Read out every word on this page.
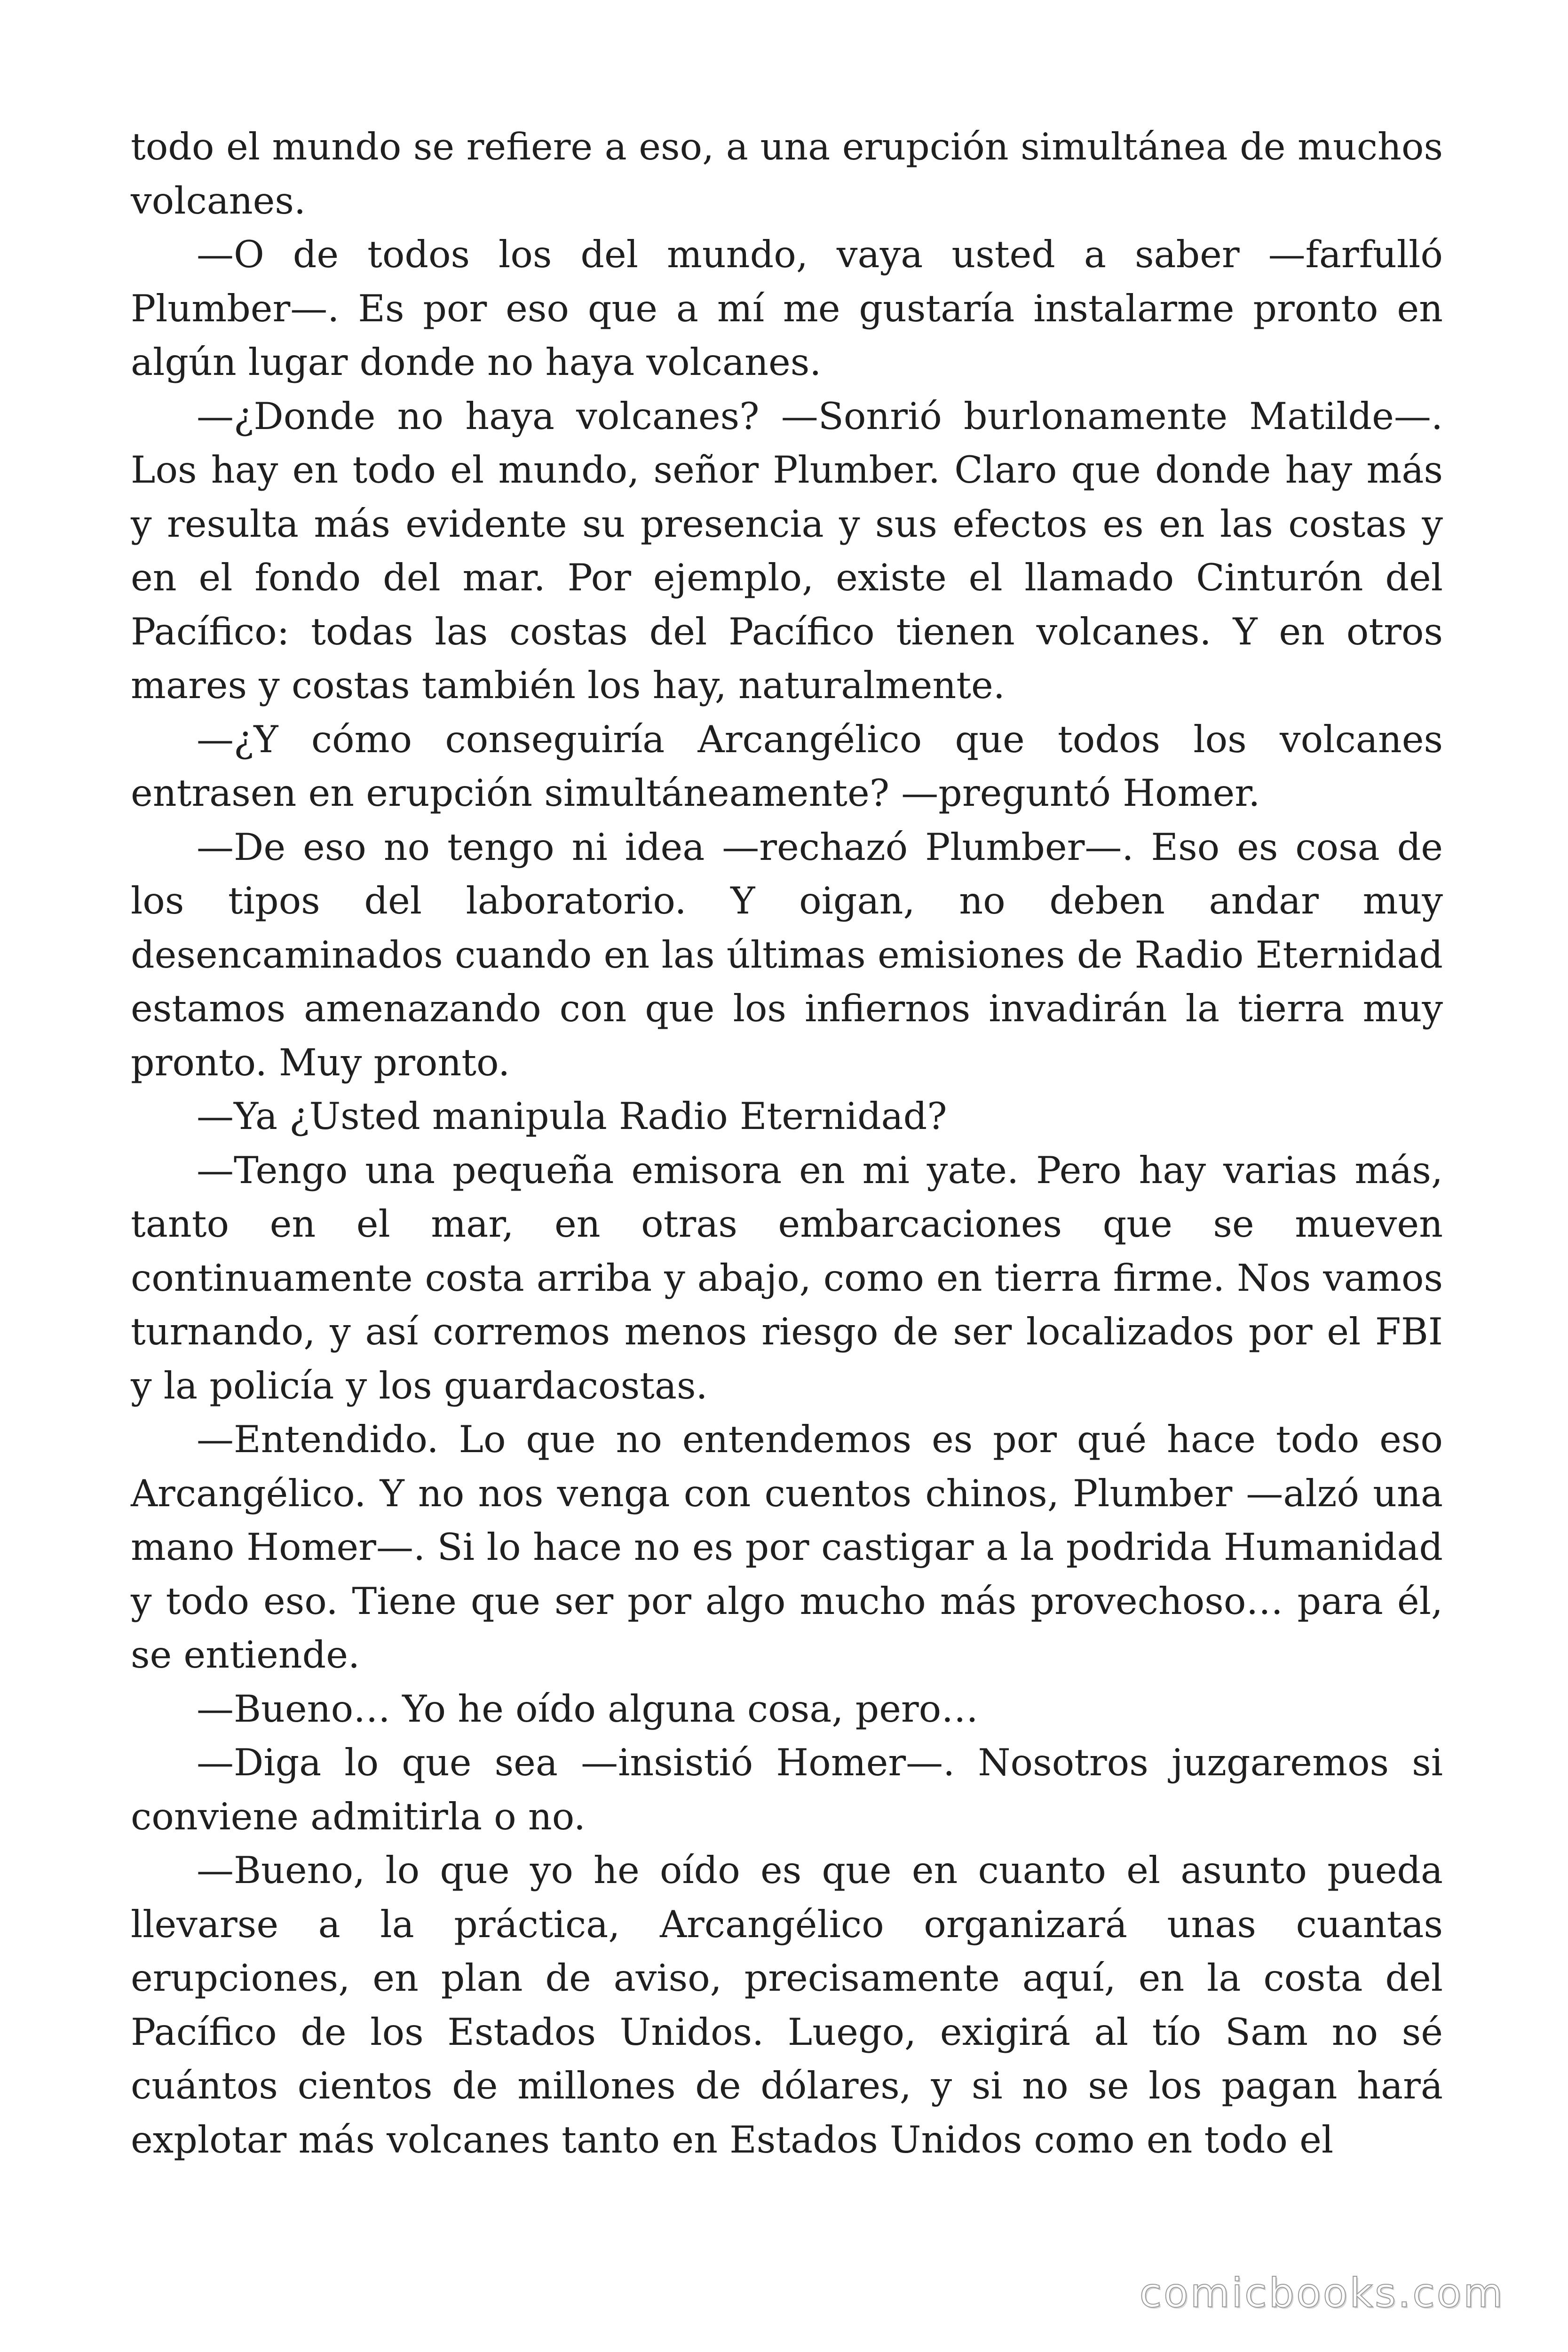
todo el mundo se refiere a eso, a una erupción simultánea de muchos volcanes.

—O de todos los del mundo, vaya usted a saber —farfulló Plumber—. Es por eso que a mí me gustaría instalarme pronto en algún lugar donde no haya volcanes.

—¿Donde no haya volcanes? —Sonrió burlonamente Matilde—. Los hay en todo el mundo, señor Plumber. Claro que donde hay más y resulta más evidente su presencia y sus efectos es en las costas y en el fondo del mar. Por ejemplo, existe el llamado Cinturón del Pacífico: todas las costas del Pacífico tienen volcanes. Y en otros mares y costas también los hay, naturalmente.

—¿Y cómo conseguiría Arcangélico que todos los volcanes entrasen en erupción simultáneamente? —preguntó Homer.

—De eso no tengo ni idea —rechazó Plumber—. Eso es cosa de los tipos del laboratorio. Y oigan, no deben andar muy desencaminados cuando en las últimas emisiones de Radio Eternidad estamos amenazando con que los infiernos invadirán la tierra muy pronto. Muy pronto.

—Ya ¿Usted manipula Radio Eternidad?

—Tengo una pequeña emisora en mi yate. Pero hay varias más, tanto en el mar, en otras embarcaciones que se mueven continuamente costa arriba y abajo, como en tierra firme. Nos vamos turnando, y así corremos menos riesgo de ser localizados por el FBI y la policía y los guardacostas.

—Entendido. Lo que no entendemos es por qué hace todo eso Arcangélico. Y no nos venga con cuentos chinos, Plumber —alzó una mano Homer—. Si lo hace no es por castigar a la podrida Humanidad y todo eso. Tiene que ser por algo mucho más provechoso… para él, se entiende.

—Bueno… Yo he oído alguna cosa, pero…

—Diga lo que sea —insistió Homer—. Nosotros juzgaremos si conviene admitirla o no.

—Bueno, lo que yo he oído es que en cuanto el asunto pueda llevarse a la práctica, Arcangélico organizará unas cuantas erupciones, en plan de aviso, precisamente aquí, en la costa del Pacífico de los Estados Unidos. Luego, exigirá al tío Sam no sé cuántos cientos de millones de dólares, y si no se los pagan hará explotar más volcanes tanto en Estados Unidos como en todo el

comicbooks.com
